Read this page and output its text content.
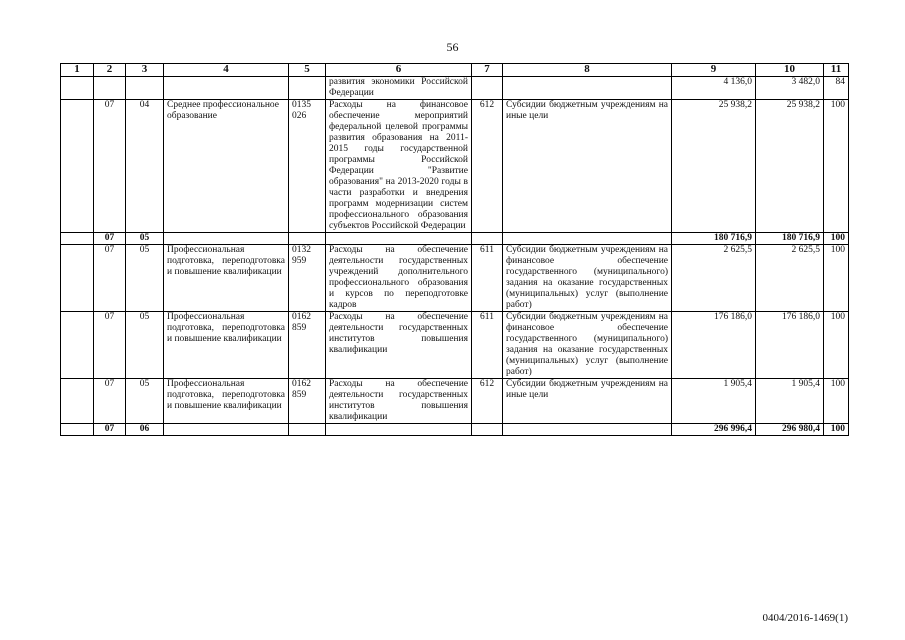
56
1	2	3	4	5	6	7	8	9	10	11
					развития экономики Российской Федерации			4 136,0	3 482,0	84
	07	04	Среднее профессиональное образование	0135 026	Расходы на финансовое обеспечение мероприятий федеральной целевой программы развития образования на 2011-2015 годы государственной программы Российской Федерации "Развитие образования" на 2013-2020 годы в части разработки и внедрения программ модернизации систем профессионального образования субъектов Российской Федерации	612	Субсидии бюджетным учреждениям на иные цели	25 938,2	25 938,2	100
	07	05						180 716,9	180 716,9	100
	07	05	Профессиональная подготовка, переподготовка и повышение квалификации	0132 959	Расходы на обеспечение деятельности государственных учреждений дополнительного профессионального образования и курсов по переподготовке кадров	611	Субсидии бюджетным учреждениям на финансовое обеспечение государственного (муниципального) задания на оказание государственных (муниципальных) услуг (выполнение работ)	2 625,5	2 625,5	100
	07	05	Профессиональная подготовка, переподготовка и повышение квалификации	0162 859	Расходы на обеспечение деятельности государственных институтов повышения квалификации	611	Субсидии бюджетным учреждениям на финансовое обеспечение государственного (муниципального) задания на оказание государственных (муниципальных) услуг (выполнение работ)	176 186,0	176 186,0	100
	07	05	Профессиональная подготовка, переподготовка и повышение квалификации	0162 859	Расходы на обеспечение деятельности государственных институтов повышения квалификации	612	Субсидии бюджетным учреждениям на иные цели	1 905,4	1 905,4	100
	07	06						296 996,4	296 980,4	100
0404/2016-1469(1)
